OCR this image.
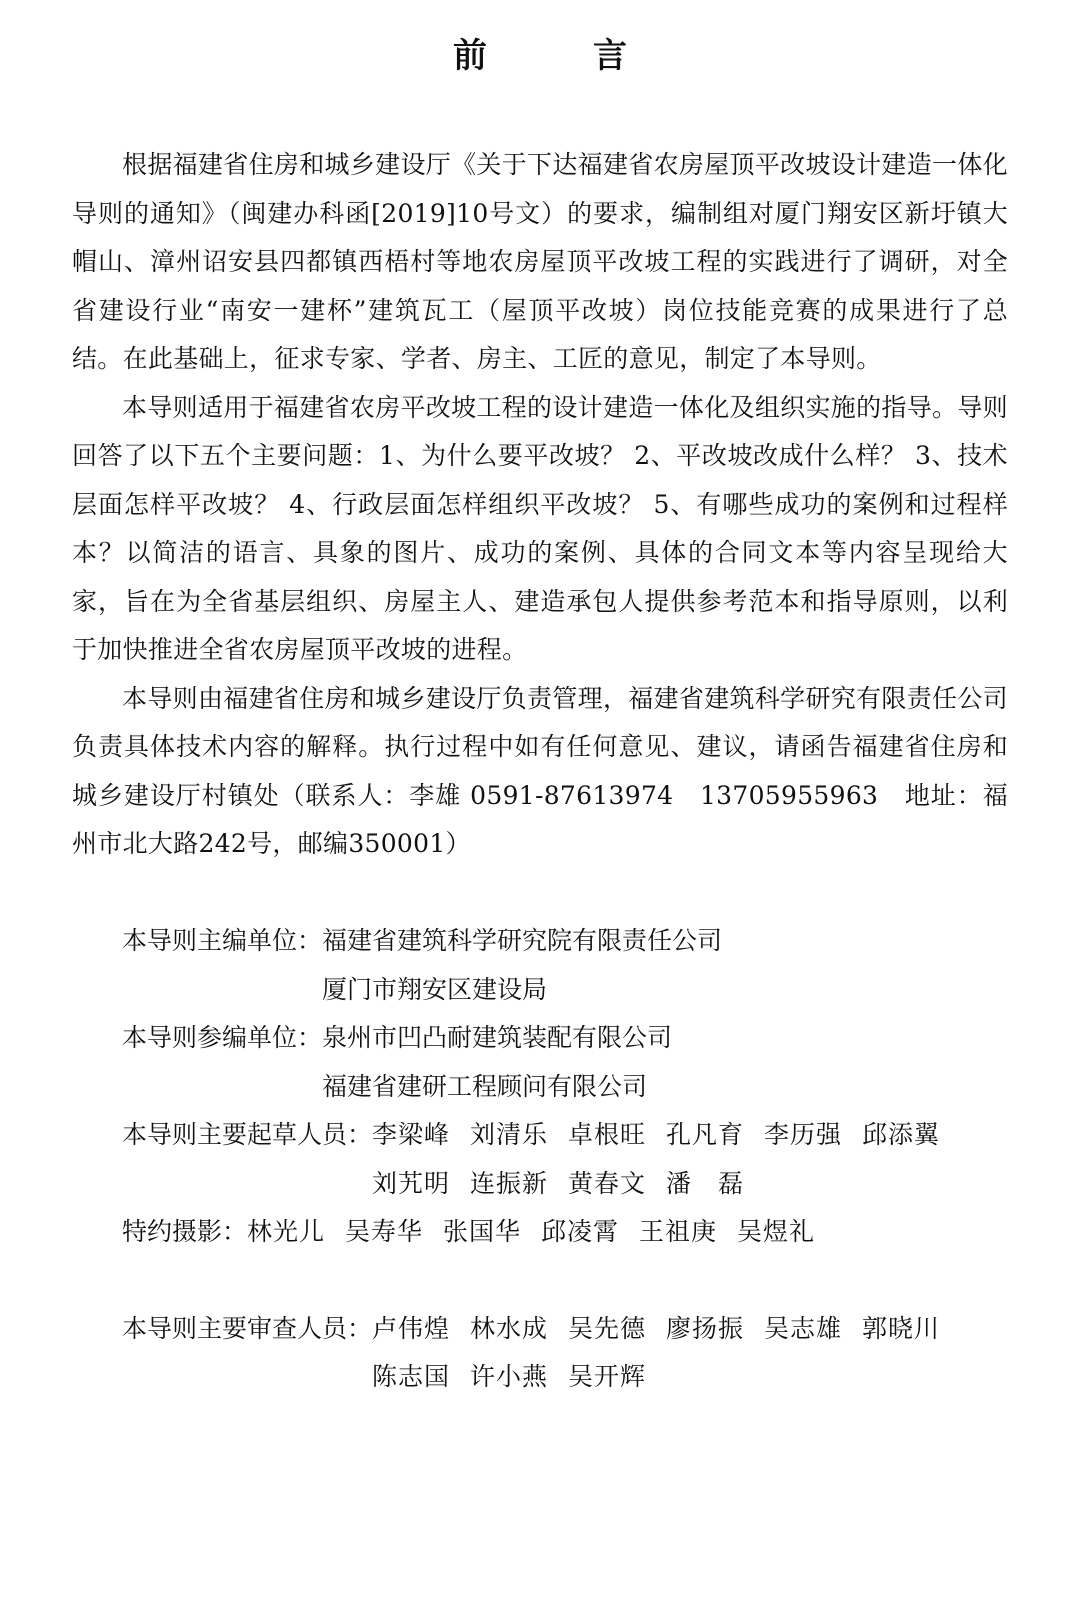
前　言

根据福建省住房和城乡建设厅《关于下达福建省农房屋顶平改坡设计建造一体化导则的通知》（闽建办科函[2019]10号文）的要求，编制组对厦门翔安区新圩镇大帽山、漳州诏安县四都镇西梧村等地农房屋顶平改坡工程的实践进行了调研，对全省建设行业“南安一建杯”建筑瓦工（屋顶平改坡）岗位技能竞赛的成果进行了总结。在此基础上，征求专家、学者、房主、工匠的意见，制定了本导则。

本导则适用于福建省农房平改坡工程的设计建造一体化及组织实施的指导。导则回答了以下五个主要问题：1、为什么要平改坡？ 2、平改坡改成什么样？ 3、技术层面怎样平改坡？ 4、行政层面怎样组织平改坡？ 5、有哪些成功的案例和过程样本？以简洁的语言、具象的图片、成功的案例、具体的合同文本等内容呈现给大家，旨在为全省基层组织、房屋主人、建造承包人提供参考范本和指导原则，以利于加快推进全省农房屋顶平改坡的进程。

本导则由福建省住房和城乡建设厅负责管理，福建省建筑科学研究有限责任公司负责具体技术内容的解释。执行过程中如有任何意见、建议，请函告福建省住房和城乡建设厅村镇处（联系人：李雄 0591-87613974　13705955963　地址：福州市北大路242号，邮编350001）

本导则主编单位： 福建省建筑科学研究院有限责任公司
厦门市翔安区建设局
本导则参编单位： 泉州市凹凸耐建筑装配有限公司
福建省建研工程顾问有限公司
本导则主要起草人员： 李梁峰 刘清乐 卓根旺 孔凡育 李历强 邱添翼
刘艽明 连振新 黄春文 潘　磊
特约摄影： 林光儿 吴寿华 张国华 邱凌霄 王祖庚 吴煜礼
本导则主要审查人员： 卢伟煌 林水成 吴先德 廖扬振 吴志雄 郭晓川
陈志国 许小燕 吴开辉
